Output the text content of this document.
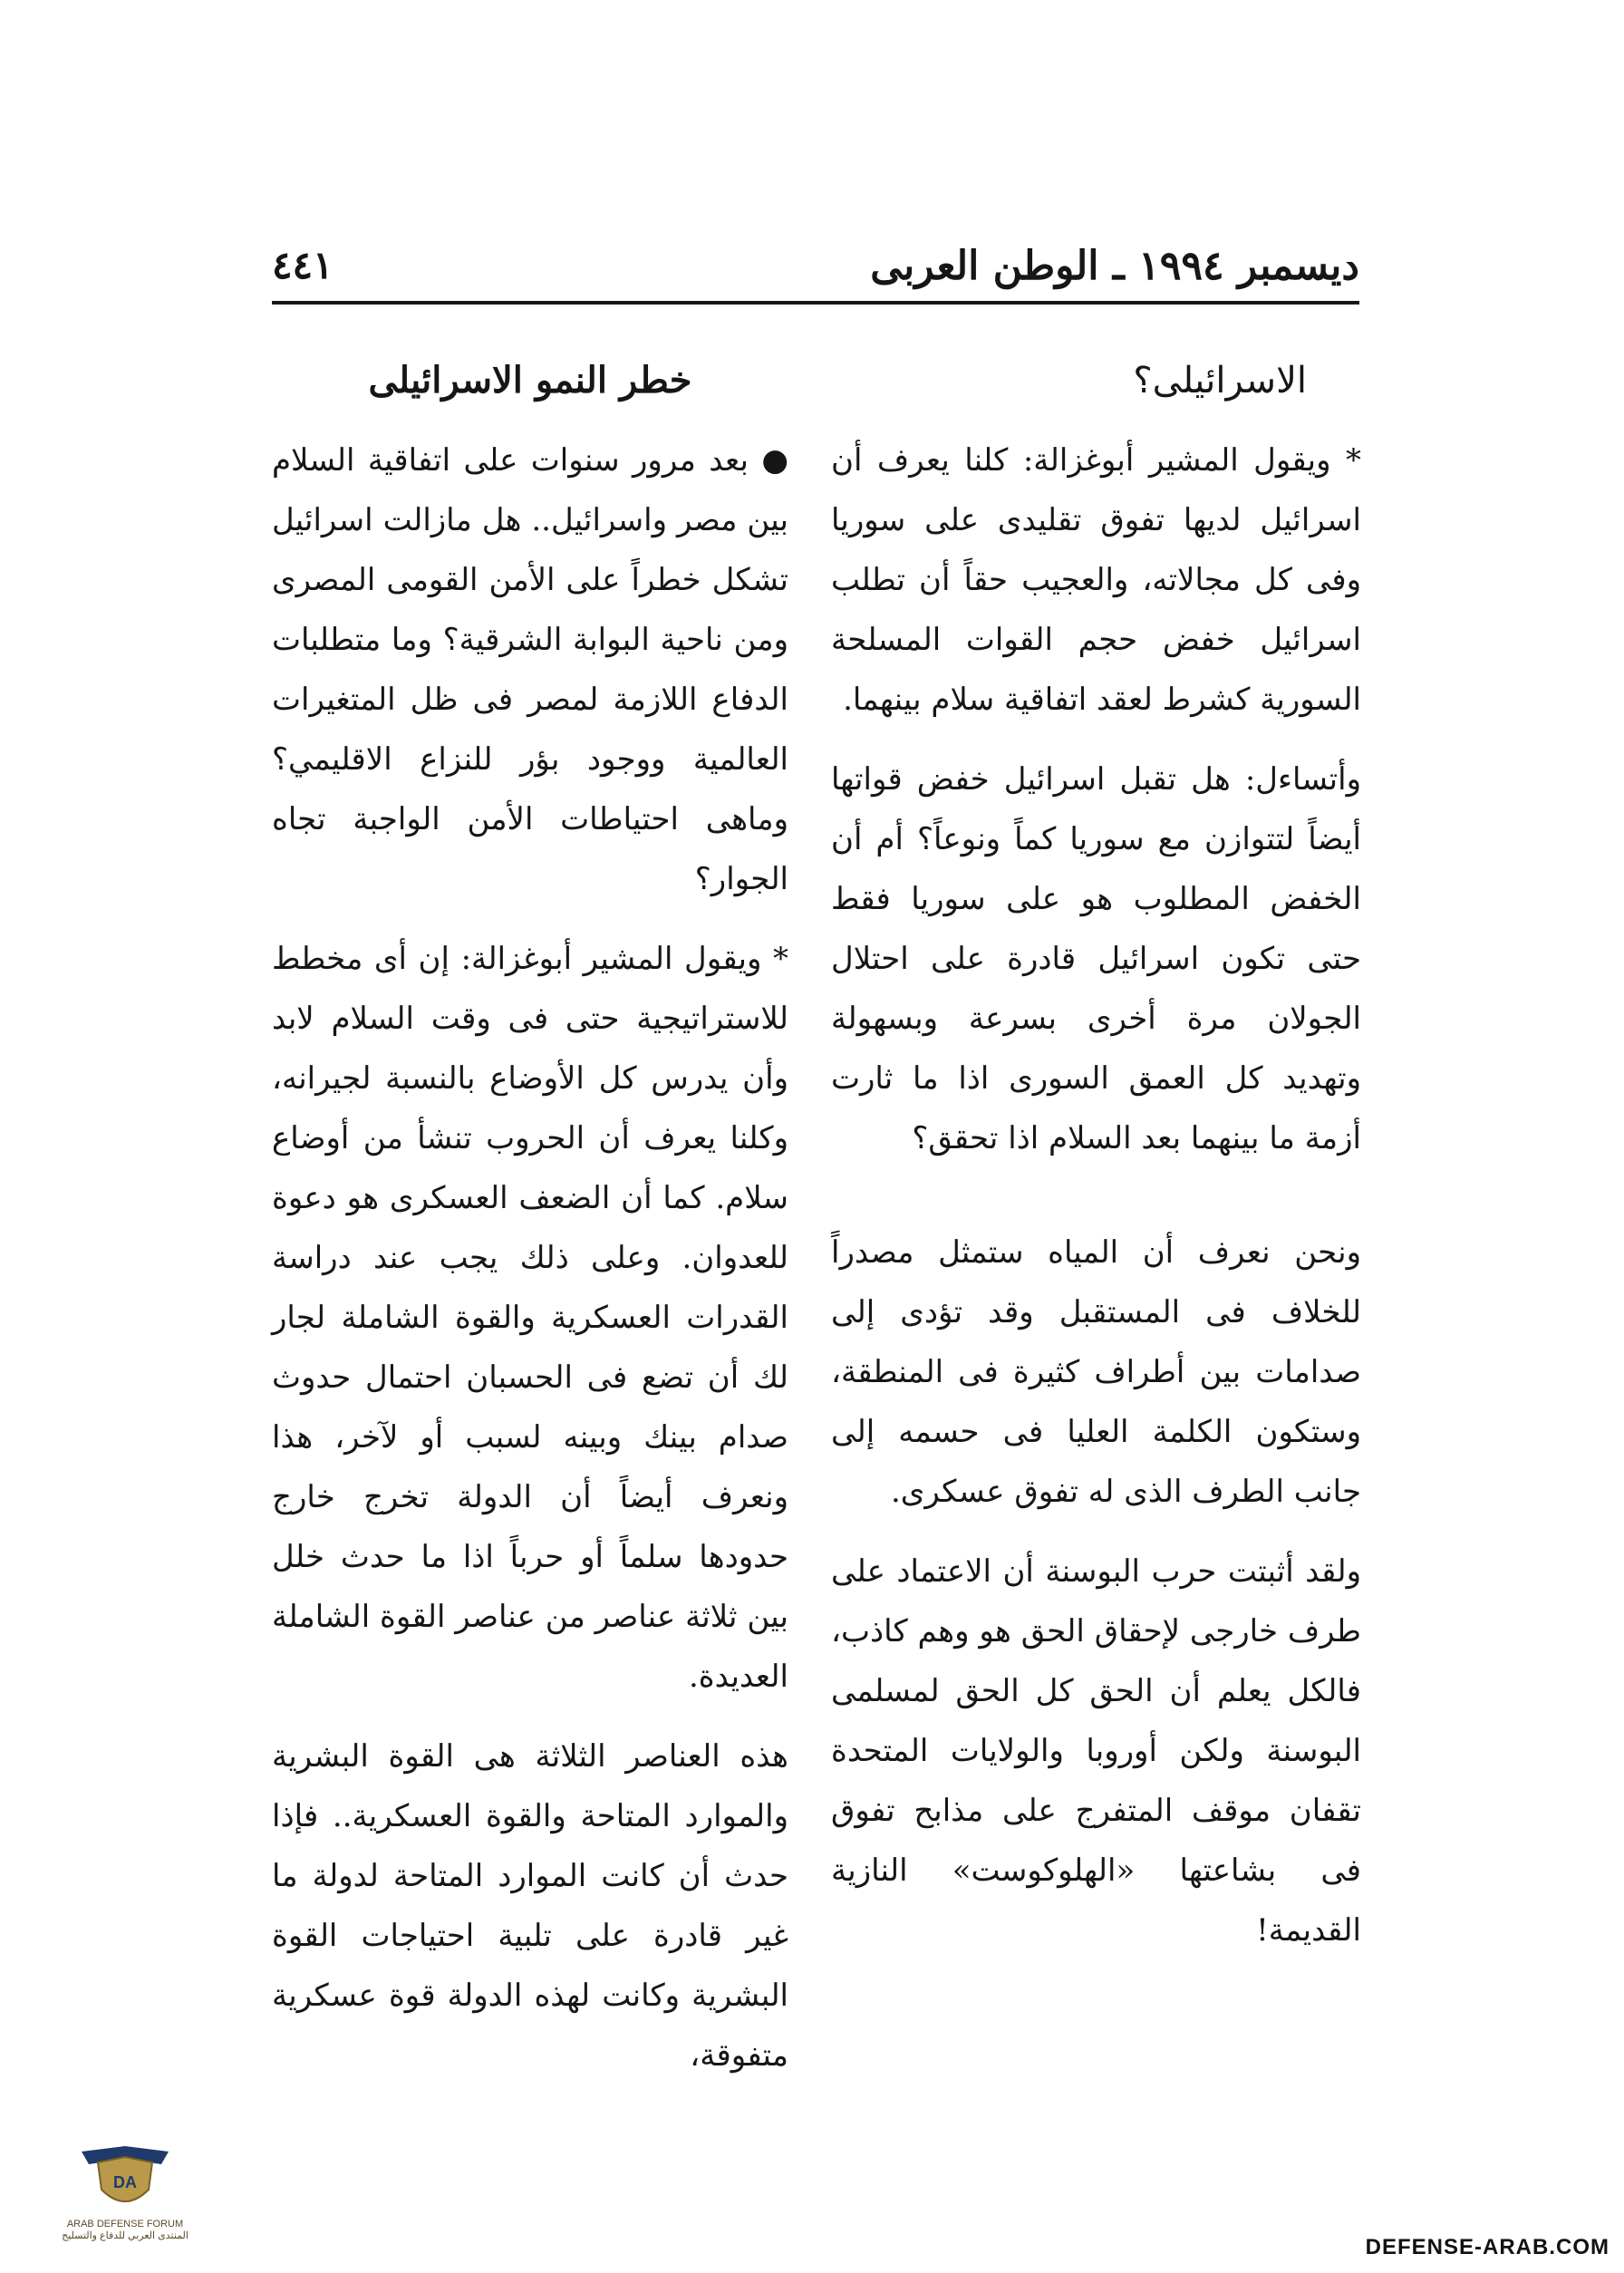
ديسمبر ١٩٩٤ ـ الوطن العربى
٤٤١
الاسرائيلى؟

* ويقول المشير أبوغزالة: كلنا يعرف أن اسرائيل لديها تفوق تقليدى على سوريا وفى كل مجالاته، والعجيب حقاً أن تطلب اسرائيل خفض حجم القوات المسلحة السورية كشرط لعقد اتفاقية سلام بينهما.

وأتساءل: هل تقبل اسرائيل خفض قواتها أيضاً لتتوازن مع سوريا كماً ونوعاً؟ أم أن الخفض المطلوب هو على سوريا فقط حتى تكون اسرائيل قادرة على احتلال الجولان مرة أخرى بسرعة وبسهولة وتهديد كل العمق السورى اذا ما ثارت أزمة ما بينهما بعد السلام اذا تحقق؟

ونحن نعرف أن المياه ستمثل مصدراً للخلاف فى المستقبل وقد تؤدى إلى صدامات بين أطراف كثيرة فى المنطقة، وستكون الكلمة العليا فى حسمه إلى جانب الطرف الذى له تفوق عسكرى.

ولقد أثبتت حرب البوسنة أن الاعتماد على طرف خارجى لإحقاق الحق هو وهم كاذب، فالكل يعلم أن الحق كل الحق لمسلمى البوسنة ولكن أوروبا والولايات المتحدة تقفان موقف المتفرج على مذابح تفوق فى بشاعتها «الهلوكوست» النازية القديمة!

خطر النمو الاسرائيلى

● بعد مرور سنوات على اتفاقية السلام بين مصر واسرائيل.. هل مازالت اسرائيل تشكل خطراً على الأمن القومى المصرى ومن ناحية البوابة الشرقية؟ وما متطلبات الدفاع اللازمة لمصر فى ظل المتغيرات العالمية ووجود بؤر للنزاع الاقليمي؟ وماهى احتياطات الأمن الواجبة تجاه الجوار؟

* ويقول المشير أبوغزالة: إن أى مخطط للاستراتيجية حتى فى وقت السلام لابد وأن يدرس كل الأوضاع بالنسبة لجيرانه، وكلنا يعرف أن الحروب تنشأ من أوضاع سلام. كما أن الضعف العسكرى هو دعوة للعدوان. وعلى ذلك يجب عند دراسة القدرات العسكرية والقوة الشاملة لجار لك أن تضع فى الحسبان احتمال حدوث صدام بينك وبينه لسبب أو لآخر، هذا ونعرف أيضاً أن الدولة تخرج خارج حدودها سلماً أو حرباً اذا ما حدث خلل بين ثلاثة عناصر من عناصر القوة الشاملة العديدة.

هذه العناصر الثلاثة هى القوة البشرية والموارد المتاحة والقوة العسكرية.. فإذا حدث أن كانت الموارد المتاحة لدولة ما غير قادرة على تلبية احتياجات القوة البشرية وكانت لهذه الدولة قوة عسكرية متفوقة،

DA
ARAB DEFENSE FORUM
المنتدى العربي للدفاع والتسليح	DEFENSE-ARAB.COM
